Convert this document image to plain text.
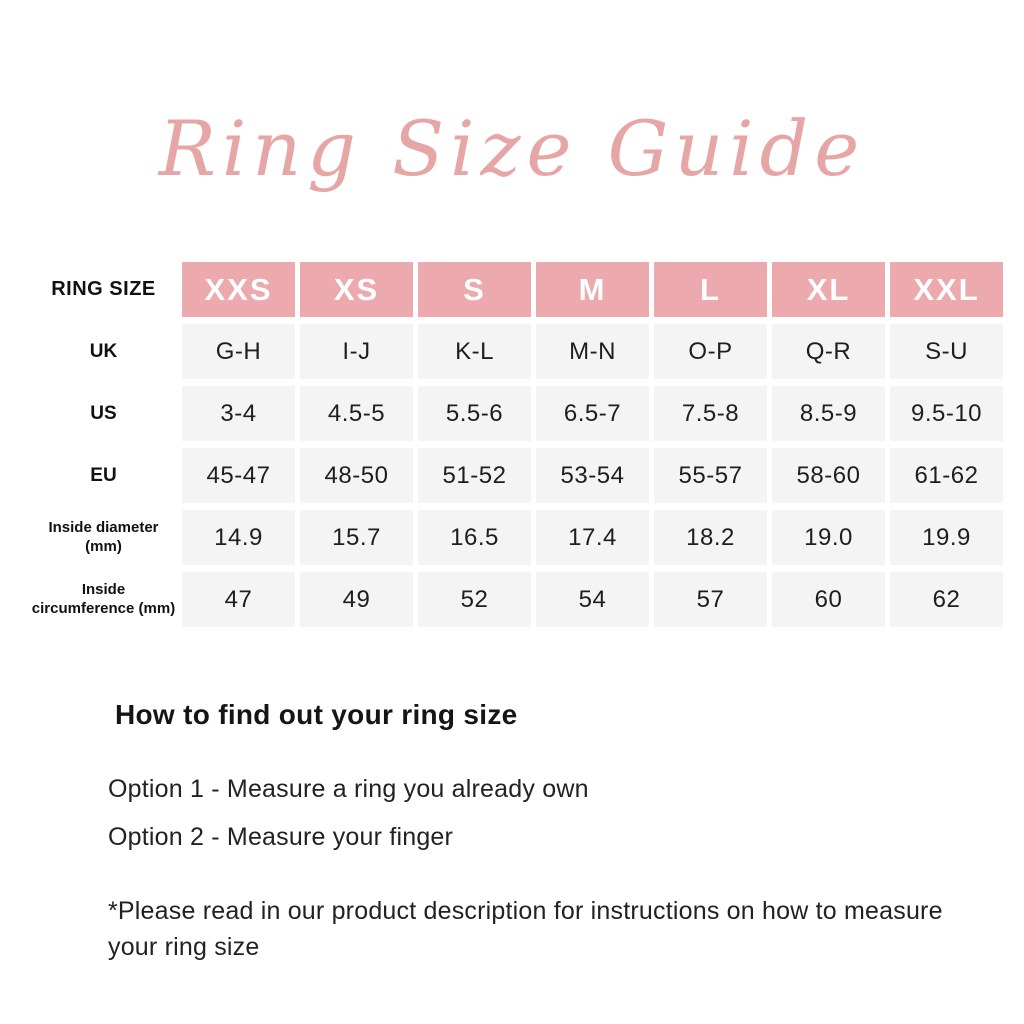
Ring Size Guide
RING SIZE	XXS	XS	S	M	L	XL	XXL
UK	G-H	I-J	K-L	M-N	O-P	Q-R	S-U
US	3-4	4.5-5	5.5-6	6.5-7	7.5-8	8.5-9	9.5-10
EU	45-47	48-50	51-52	53-54	55-57	58-60	61-62
Inside diameter (mm)	14.9	15.7	16.5	17.4	18.2	19.0	19.9
Inside circumference (mm)	47	49	52	54	57	60	62
How to find out your ring size
Option 1 - Measure a ring you already own
Option 2 - Measure your finger
*Please read in our product description for instructions on how to measure your ring size
